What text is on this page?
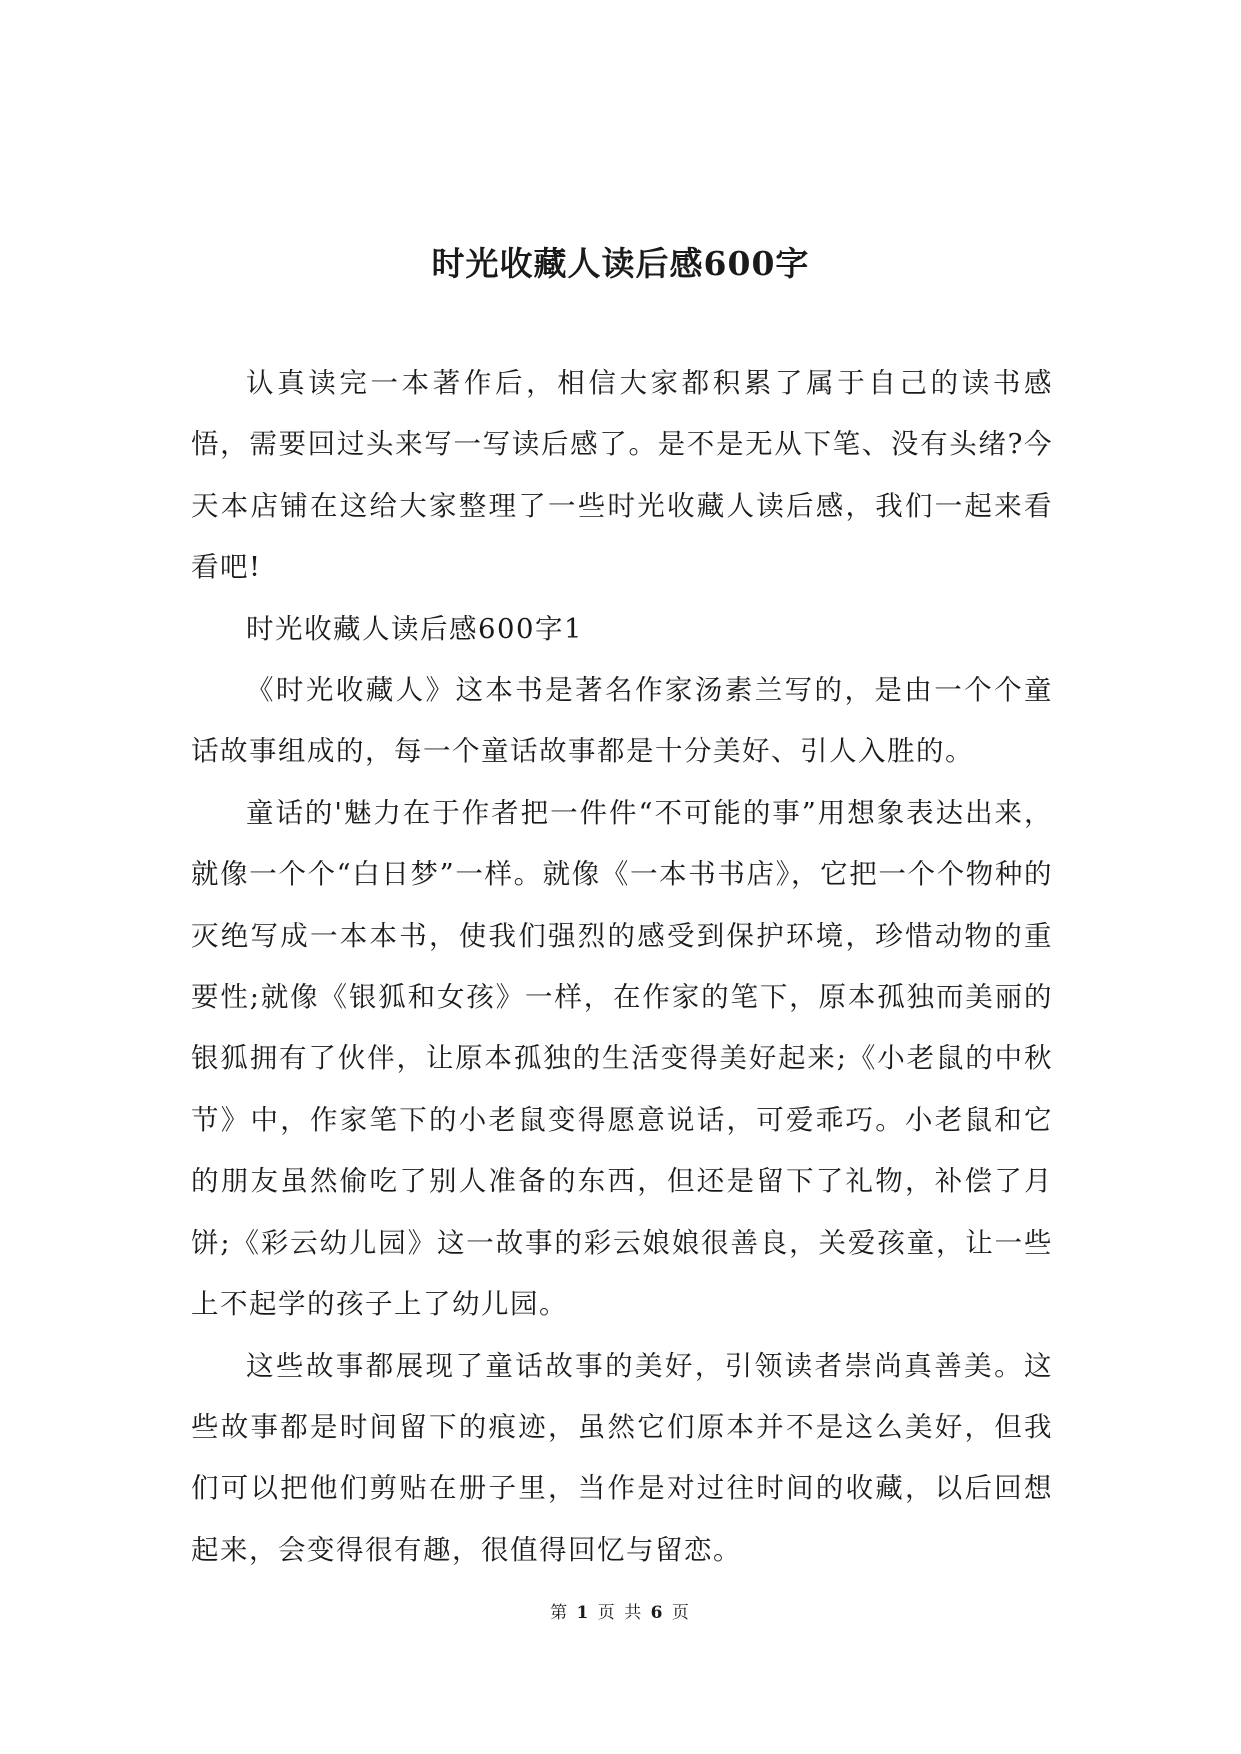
时光收藏人读后感600字

认真读完一本著作后，相信大家都积累了属于自己的读书感悟，需要回过头来写一写读后感了。是不是无从下笔、没有头绪?今天本店铺在这给大家整理了一些时光收藏人读后感，我们一起来看看吧!

时光收藏人读后感600字1

《时光收藏人》这本书是著名作家汤素兰写的，是由一个个童话故事组成的，每一个童话故事都是十分美好、引人入胜的。

童话的'魅力在于作者把一件件“不可能的事”用想象表达出来，就像一个个“白日梦”一样。就像《一本书书店》，它把一个个物种的灭绝写成一本本书，使我们强烈的感受到保护环境，珍惜动物的重要性;就像《银狐和女孩》一样，在作家的笔下，原本孤独而美丽的银狐拥有了伙伴，让原本孤独的生活变得美好起来;《小老鼠的中秋节》中，作家笔下的小老鼠变得愿意说话，可爱乖巧。小老鼠和它的朋友虽然偷吃了别人准备的东西，但还是留下了礼物，补偿了月饼;《彩云幼儿园》这一故事的彩云娘娘很善良，关爱孩童，让一些上不起学的孩子上了幼儿园。

这些故事都展现了童话故事的美好，引领读者崇尚真善美。这些故事都是时间留下的痕迹，虽然它们原本并不是这么美好，但我们可以把他们剪贴在册子里，当作是对过往时间的收藏，以后回想起来，会变得很有趣，很值得回忆与留恋。

第 1 页 共 6 页
